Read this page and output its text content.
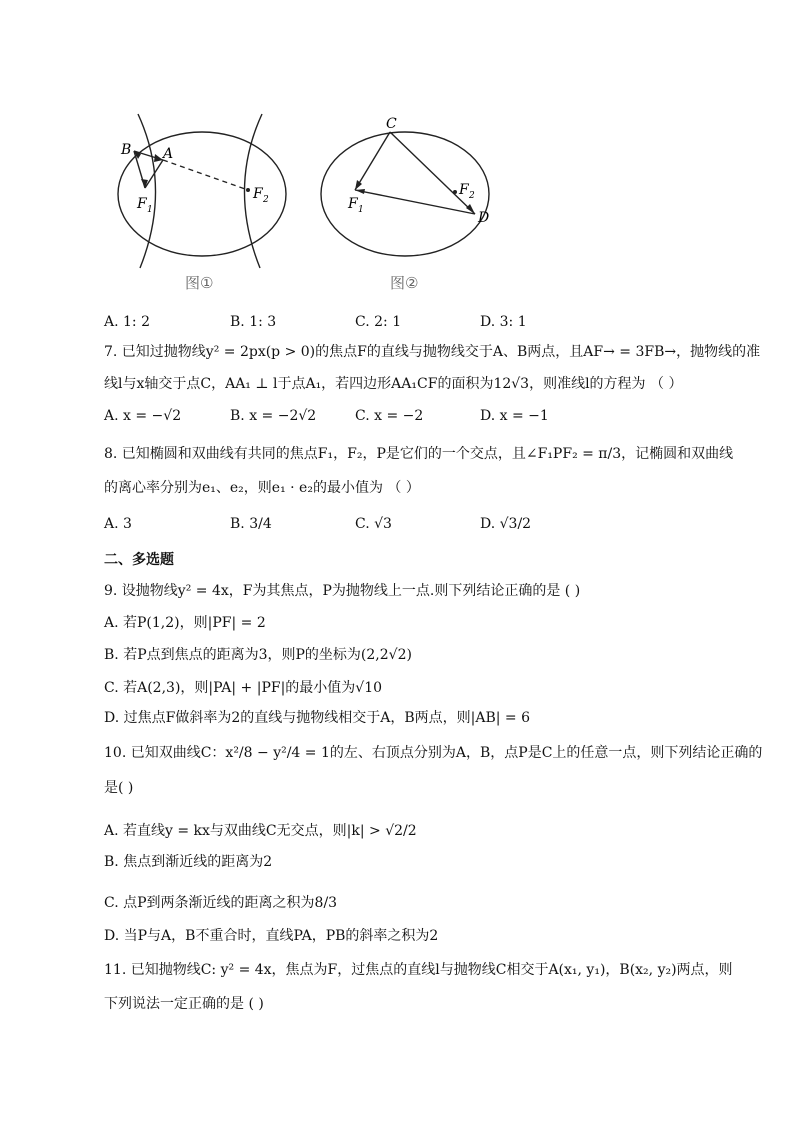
B A
F 1
F 2
图①
C
D
F 1
F 2
图②
A. 1: 2	B. 1: 3	C. 2: 1	D. 3: 1
7. 已知过抛物线y² = 2px(p > 0)的焦点F的直线与抛物线交于A、B两点，且AF→ = 3FB→，抛物线的准
线l与x轴交于点C，AA₁ ⊥ l于点A₁，若四边形AA₁CF的面积为12√3，则准线l的方程为 （ ）
A. x = −√2	B. x = −2√2	C. x = −2	D. x = −1
8. 已知椭圆和双曲线有共同的焦点F₁，F₂，P是它们的一个交点，且∠F₁PF₂ = π/3，记椭圆和双曲线
的离心率分别为e₁、e₂，则e₁ · e₂的最小值为 （ ）
A. 3	B. 3/4	C. √3	D. √3/2
二、多选题
9. 设抛物线y² = 4x，F为其焦点，P为抛物线上一点.则下列结论正确的是 ( )
A. 若P(1,2)，则|PF| = 2
B. 若P点到焦点的距离为3，则P的坐标为(2,2√2)
C. 若A(2,3)，则|PA| + |PF|的最小值为√10
D. 过焦点F做斜率为2的直线与抛物线相交于A，B两点，则|AB| = 6
10. 已知双曲线C：x²/8 − y²/4 = 1的左、右顶点分别为A，B，点P是C上的任意一点，则下列结论正确的
是( )
A. 若直线y = kx与双曲线C无交点，则|k| > √2/2
B. 焦点到渐近线的距离为2
C. 点P到两条渐近线的距离之积为8/3
D. 当P与A，B不重合时，直线PA，PB的斜率之积为2
11. 已知抛物线C: y² = 4x，焦点为F，过焦点的直线l与抛物线C相交于A(x₁, y₁)，B(x₂, y₂)两点，则
下列说法一定正确的是 ( )
